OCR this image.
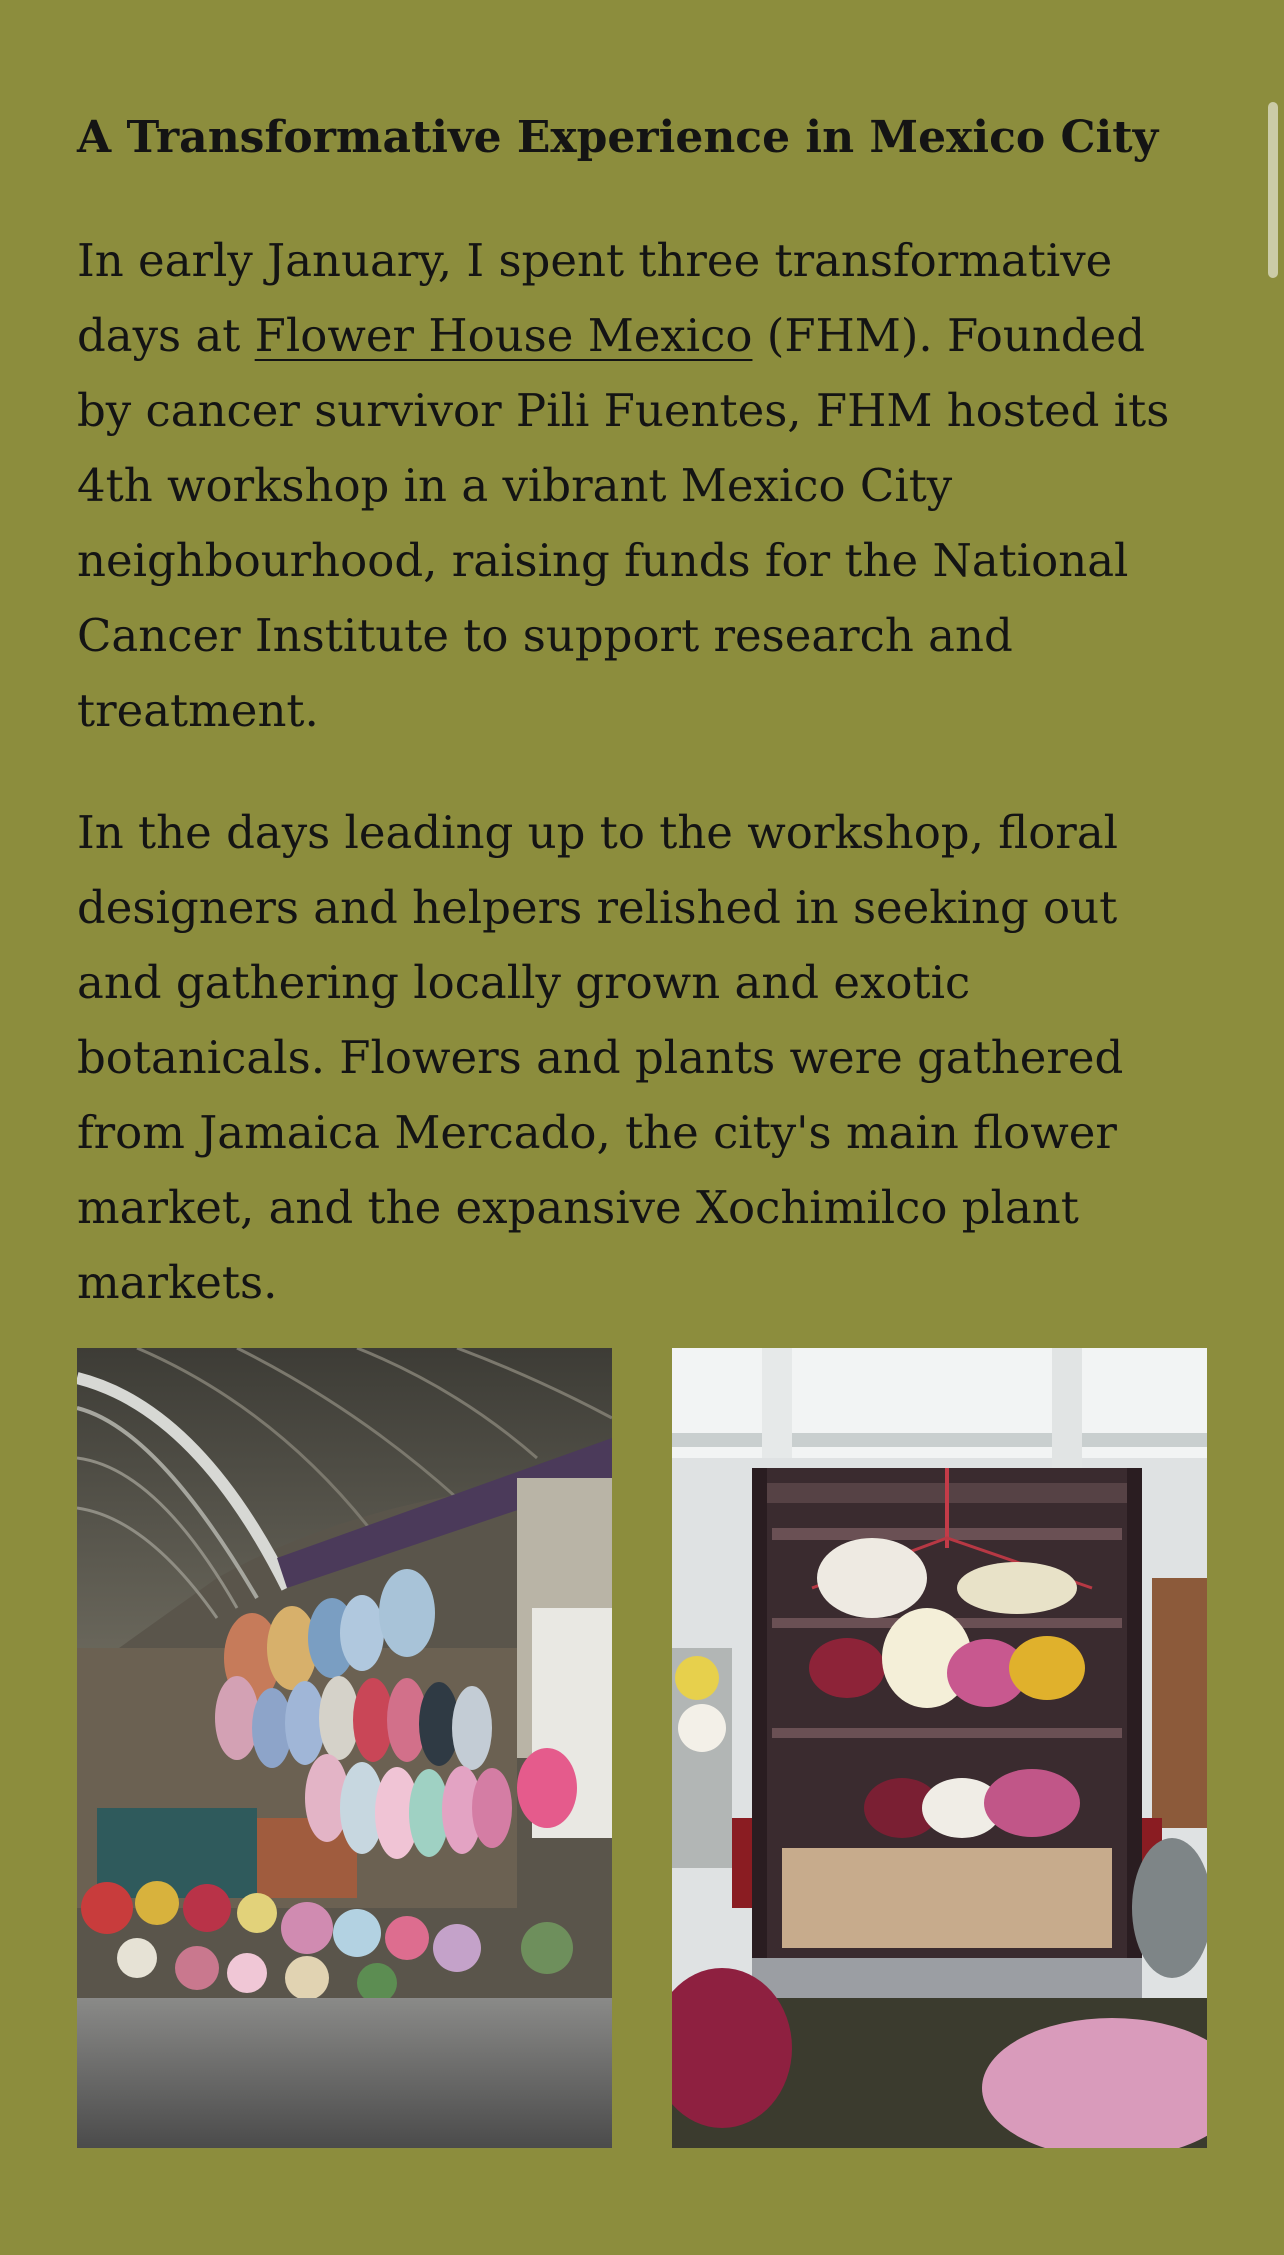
A Transformative Experience in Mexico City

In early January, I spent three transformative days at Flower House Mexico (FHM). Founded by cancer survivor Pili Fuentes, FHM hosted its 4th workshop in a vibrant Mexico City neighbourhood, raising funds for the National Cancer Institute to support research and treatment.

In the days leading up to the workshop, floral designers and helpers relished in seeking out and gathering locally grown and exotic botanicals. Flowers and plants were gathered from Jamaica Mercado, the city's main flower market, and the expansive Xochimilco plant markets.
